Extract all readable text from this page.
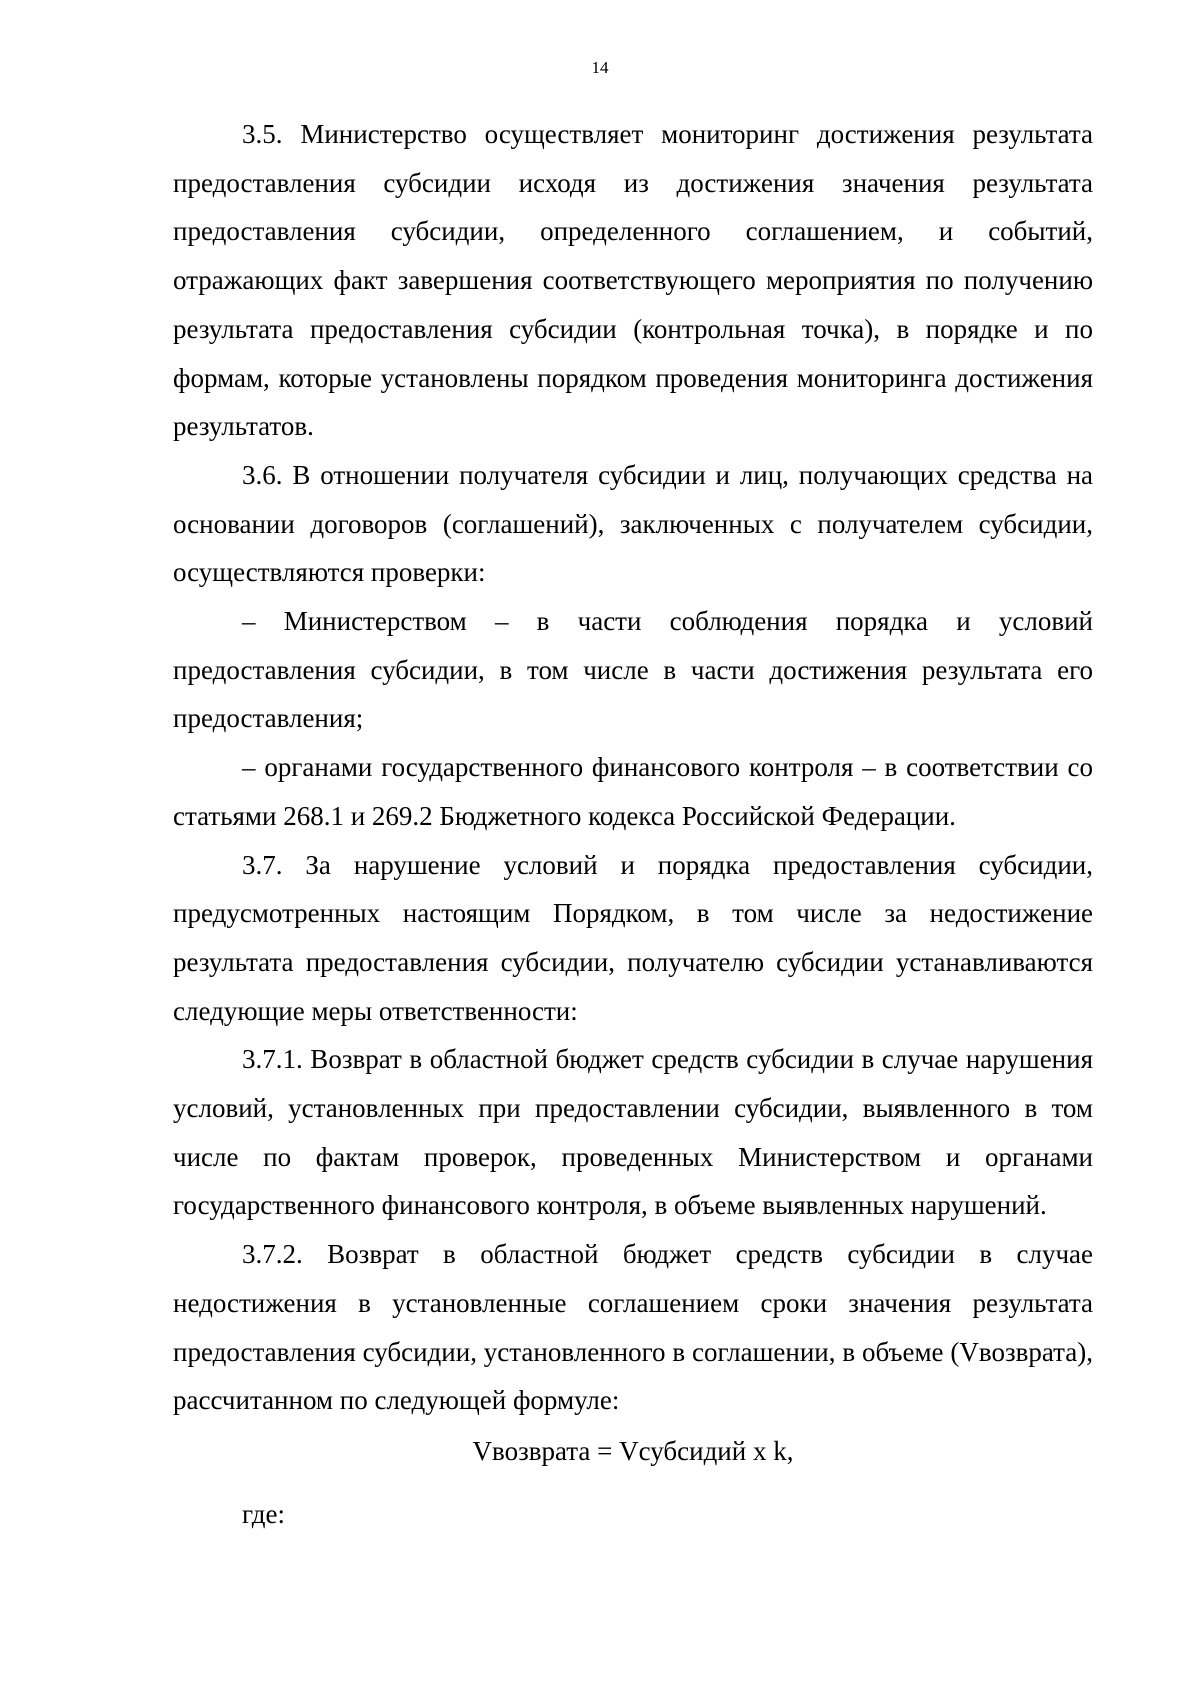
14

3.5. Министерство осуществляет мониторинг достижения результата предоставления субсидии исходя из достижения значения результата предоставления субсидии, определенного соглашением, и событий, отражающих факт завершения соответствующего мероприятия по получению результата предоставления субсидии (контрольная точка), в порядке и по формам, которые установлены порядком проведения мониторинга достижения результатов.

3.6. В отношении получателя субсидии и лиц, получающих средства на основании договоров (соглашений), заключенных с получателем субсидии, осуществляются проверки:

– Министерством – в части соблюдения порядка и условий предоставления субсидии, в том числе в части достижения результата его предоставления;

– органами государственного финансового контроля – в соответствии со статьями 268.1 и 269.2 Бюджетного кодекса Российской Федерации.

3.7. За нарушение условий и порядка предоставления субсидии, предусмотренных настоящим Порядком, в том числе за недостижение результата предоставления субсидии, получателю субсидии устанавливаются следующие меры ответственности:

3.7.1. Возврат в областной бюджет средств субсидии в случае нарушения условий, установленных при предоставлении субсидии, выявленного в том числе по фактам проверок, проведенных Министерством и органами государственного финансового контроля, в объеме выявленных нарушений.

3.7.2. Возврат в областной бюджет средств субсидии в случае недостижения в установленные соглашением сроки значения результата предоставления субсидии, установленного в соглашении, в объеме (Vвозврата), рассчитанном по следующей формуле:

Vвозврата = Vсубсидий x k,

где:
